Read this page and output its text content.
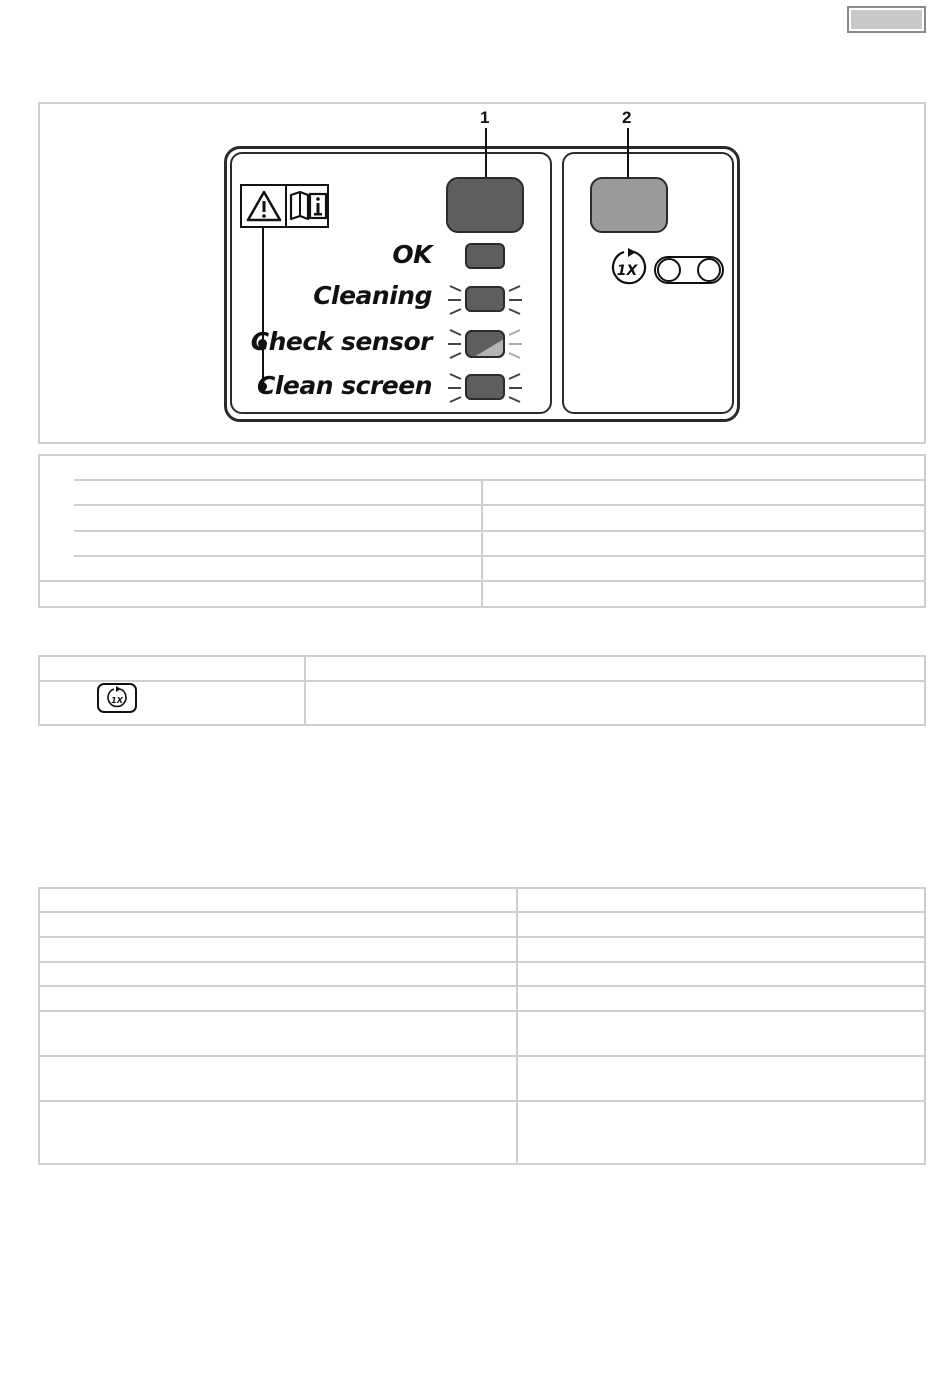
1	2
OK
Cleaning
Check sensor
Clean screen
1X
1X
